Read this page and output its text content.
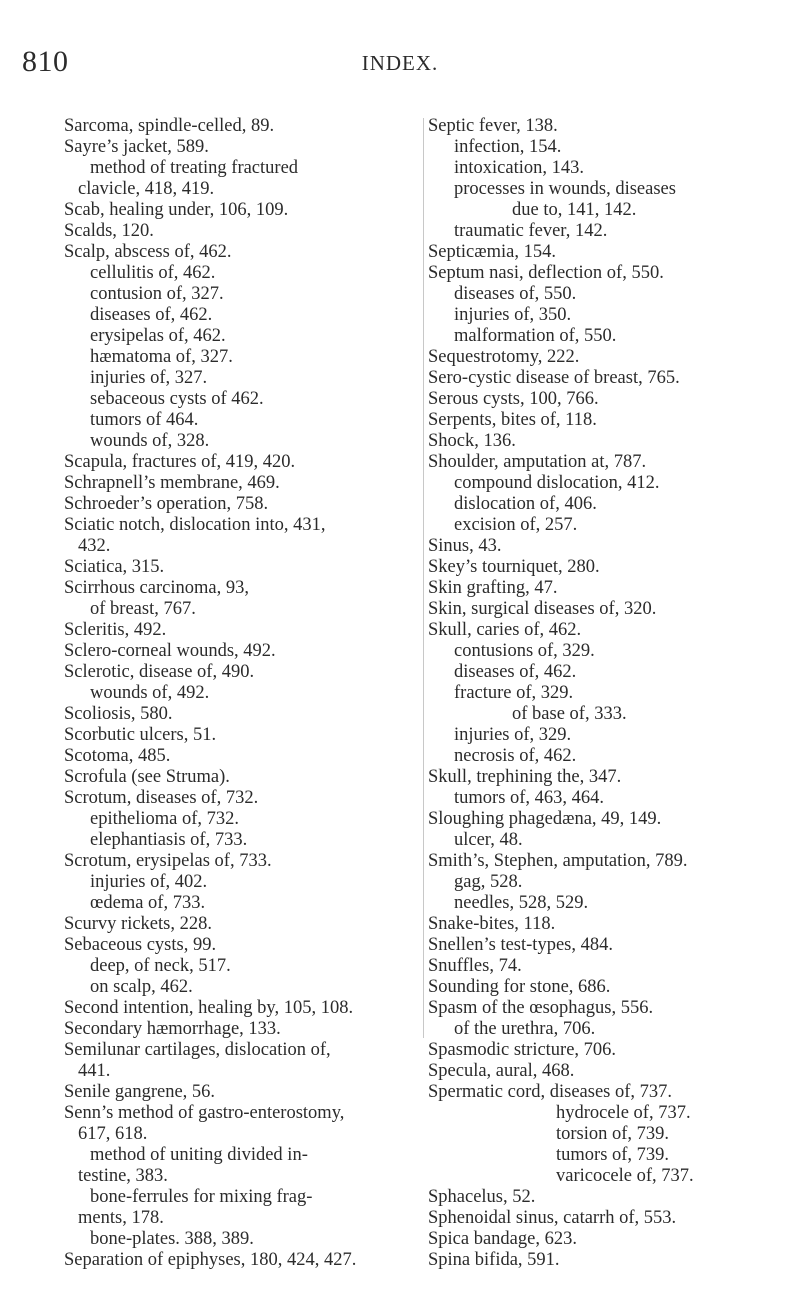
810	INDEX.
Sarcoma, spindle-celled, 89.
Sayre’s jacket, 589.
method of treating fractured
clavicle, 418, 419.
Scab, healing under, 106, 109.
Scalds, 120.
Scalp, abscess of, 462.
cellulitis of, 462.
contusion of, 327.
diseases of, 462.
erysipelas of, 462.
hæmatoma of, 327.
injuries of, 327.
sebaceous cysts of 462.
tumors of 464.
wounds of, 328.
Scapula, fractures of, 419, 420.
Schrapnell’s membrane, 469.
Schroeder’s operation, 758.
Sciatic notch, dislocation into, 431,
432.
Sciatica, 315.
Scirrhous carcinoma, 93,
of breast, 767.
Scleritis, 492.
Sclero-corneal wounds, 492.
Sclerotic, disease of, 490.
wounds of, 492.
Scoliosis, 580.
Scorbutic ulcers, 51.
Scotoma, 485.
Scrofula (see Struma).
Scrotum, diseases of, 732.
epithelioma of, 732.
elephantiasis of, 733.
Scrotum, erysipelas of, 733.
injuries of, 402.
œdema of, 733.
Scurvy rickets, 228.
Sebaceous cysts, 99.
deep, of neck, 517.
on scalp, 462.
Second intention, healing by, 105, 108.
Secondary hæmorrhage, 133.
Semilunar cartilages, dislocation of,
441.
Senile gangrene, 56.
Senn’s method of gastro-enterostomy,
617, 618.
method of uniting divided in-
testine, 383.
bone-ferrules for mixing frag-
ments, 178.
bone-plates. 388, 389.
Separation of epiphyses, 180, 424, 427.
Septic fever, 138.
infection, 154.
intoxication, 143.
processes in wounds, diseases
due to, 141, 142.
traumatic fever, 142.
Septicæmia, 154.
Septum nasi, deflection of, 550.
diseases of, 550.
injuries of, 350.
malformation of, 550.
Sequestrotomy, 222.
Sero-cystic disease of breast, 765.
Serous cysts, 100, 766.
Serpents, bites of, 118.
Shock, 136.
Shoulder, amputation at, 787.
compound dislocation, 412.
dislocation of, 406.
excision of, 257.
Sinus, 43.
Skey’s tourniquet, 280.
Skin grafting, 47.
Skin, surgical diseases of, 320.
Skull, caries of, 462.
contusions of, 329.
diseases of, 462.
fracture of, 329.
of base of, 333.
injuries of, 329.
necrosis of, 462.
Skull, trephining the, 347.
tumors of, 463, 464.
Sloughing phagedæna, 49, 149.
ulcer, 48.
Smith’s, Stephen, amputation, 789.
gag, 528.
needles, 528, 529.
Snake-bites, 118.
Snellen’s test-types, 484.
Snuffles, 74.
Sounding for stone, 686.
Spasm of the œsophagus, 556.
of the urethra, 706.
Spasmodic stricture, 706.
Specula, aural, 468.
Spermatic cord, diseases of, 737.
hydrocele of, 737.
torsion of, 739.
tumors of, 739.
varicocele of, 737.
Sphacelus, 52.
Sphenoidal sinus, catarrh of, 553.
Spica bandage, 623.
Spina bifida, 591.
